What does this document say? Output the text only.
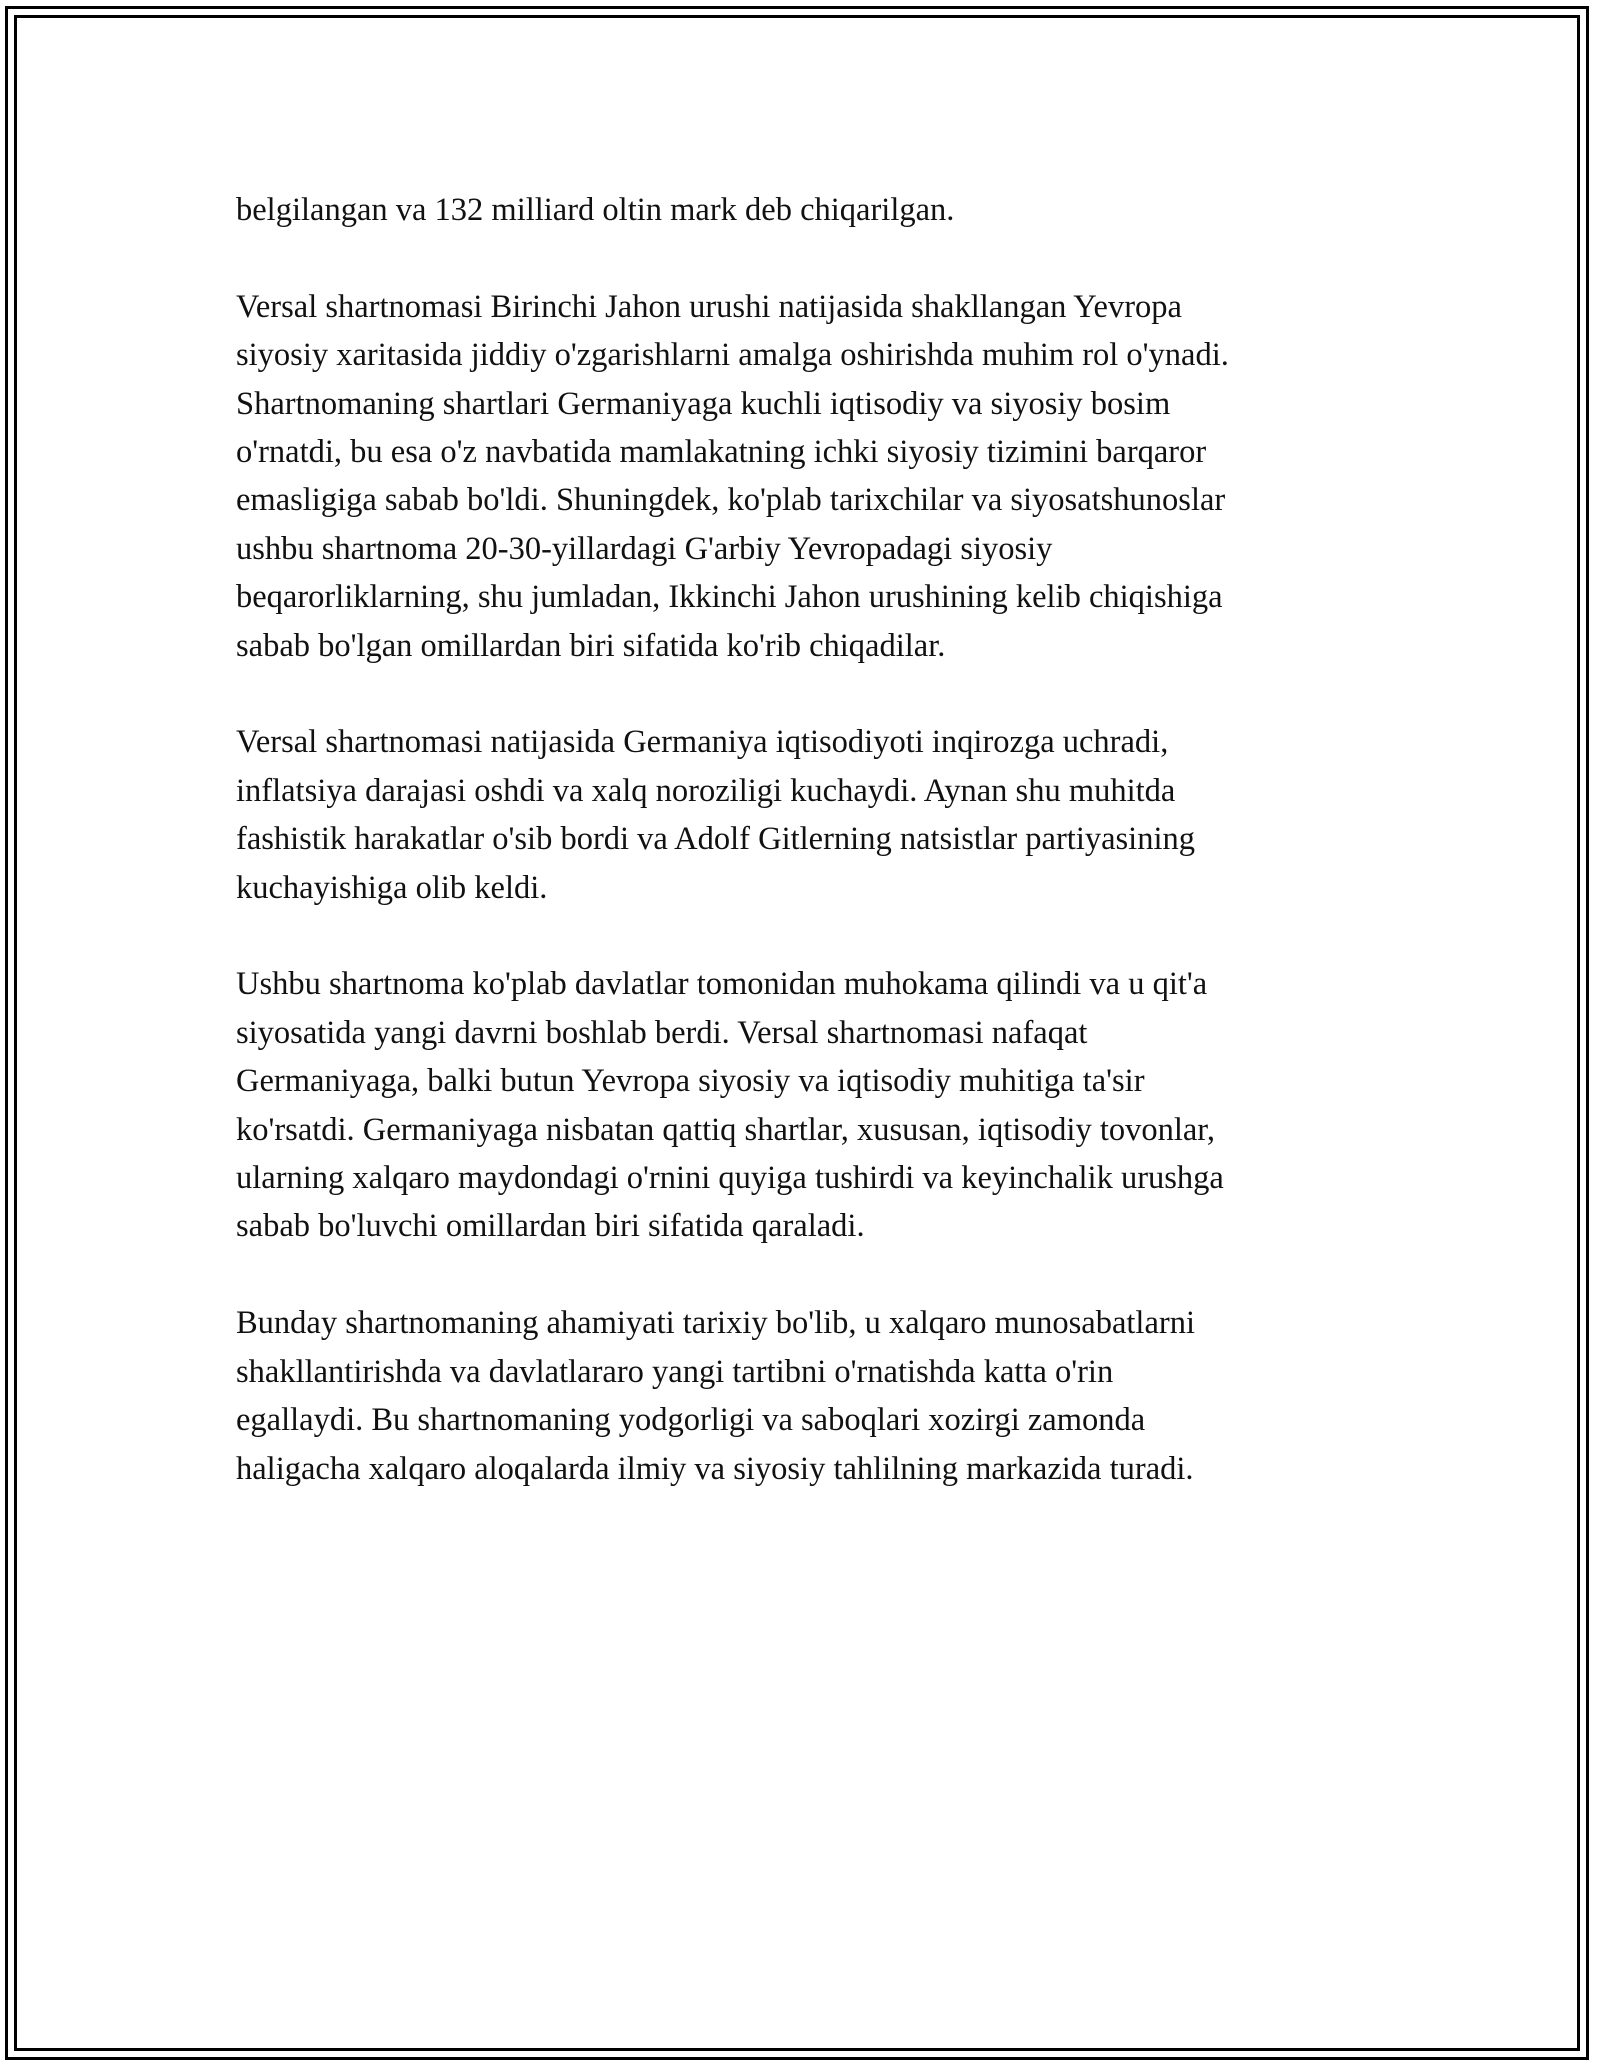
belgilangan va 132 milliard oltin mark deb chiqarilgan.

Versal shartnomasi Birinchi Jahon urushi natijasida shakllangan Yevropa
siyosiy xaritasida jiddiy o'zgarishlarni amalga oshirishda muhim rol o'ynadi.
Shartnomaning shartlari Germaniyaga kuchli iqtisodiy va siyosiy bosim
o'rnatdi, bu esa o'z navbatida mamlakatning ichki siyosiy tizimini barqaror
emasligiga sabab bo'ldi. Shuningdek, ko'plab tarixchilar va siyosatshunoslar
ushbu shartnoma 20-30-yillardagi G'arbiy Yevropadagi siyosiy
beqarorliklarning, shu jumladan, Ikkinchi Jahon urushining kelib chiqishiga
sabab bo'lgan omillardan biri sifatida ko'rib chiqadilar.

Versal shartnomasi natijasida Germaniya iqtisodiyoti inqirozga uchradi,
inflatsiya darajasi oshdi va xalq noroziligi kuchaydi. Aynan shu muhitda
fashistik harakatlar o'sib bordi va Adolf Gitlerning natsistlar partiyasining
kuchayishiga olib keldi.

Ushbu shartnoma ko'plab davlatlar tomonidan muhokama qilindi va u qit'a
siyosatida yangi davrni boshlab berdi. Versal shartnomasi nafaqat
Germaniyaga, balki butun Yevropa siyosiy va iqtisodiy muhitiga ta'sir
ko'rsatdi. Germaniyaga nisbatan qattiq shartlar, xususan, iqtisodiy tovonlar,
ularning xalqaro maydondagi o'rnini quyiga tushirdi va keyinchalik urushga
sabab bo'luvchi omillardan biri sifatida qaraladi.

Bunday shartnomaning ahamiyati tarixiy bo'lib, u xalqaro munosabatlarni
shakllantirishda va davlatlararo yangi tartibni o'rnatishda katta o'rin
egallaydi. Bu shartnomaning yodgorligi va saboqlari xozirgi zamonda
haligacha xalqaro aloqalarda ilmiy va siyosiy tahlilning markazida turadi.
